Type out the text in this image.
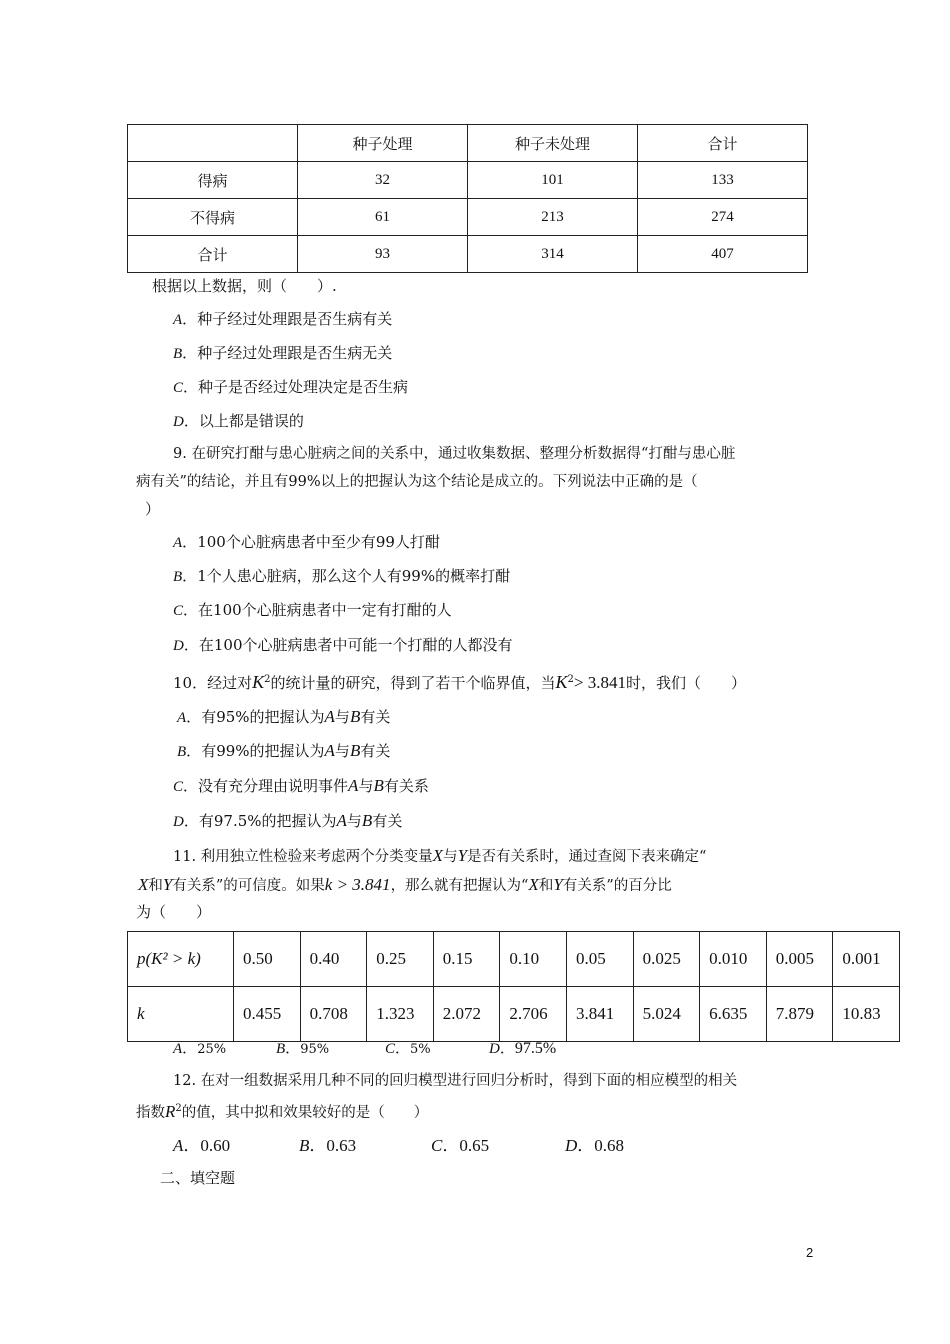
	种子处理	种子未处理	合计
得病	32	101	133
不得病	61	213	274
合计	93	314	407
根据以上数据，则（　　）.
A．种子经过处理跟是否生病有关
B．种子经过处理跟是否生病无关
C．种子是否经过处理决定是否生病
D．以上都是错误的
9. 在研究打酣与患心脏病之间的关系中，通过收集数据、整理分析数据得“打酣与患心脏
病有关”的结论，并且有99%以上的把握认为这个结论是成立的。下列说法中正确的是（
）
A．100个心脏病患者中至少有99人打酣
B．1个人患心脏病，那么这个人有99%的概率打酣
C．在100个心脏病患者中一定有打酣的人
D．在100个心脏病患者中可能一个打酣的人都没有
10．经过对$K^2$的统计量的研究，得到了若干个临界值，当$K^2> 3.841$时，我们（　　）
A．有95%的把握认为A与B有关
B．有99%的把握认为A与B有关
C．没有充分理由说明事件A与B有关系
D．有97.5%的把握认为A与B有关
11. 利用独立性检验来考虑两个分类变量X与Y是否有关系时，通过查阅下表来确定“
X和Y有关系”的可信度。如果k > 3.841，那么就有把握认为“X和Y有关系”的百分比
为（　　）
p(K² > k)	0.50	0.40	0.25	0.15	0.10	0.05	0.025	0.010	0.005	0.001
k	0.455	0.708	1.323	2.072	2.706	3.841	5.024	6.635	7.879	10.83
A．25%	B．95%	C．5%	D．97.5%
12. 在对一组数据采用几种不同的回归模型进行回归分析时，得到下面的相应模型的相关
指数$R^2$的值，其中拟和效果较好的是（　　）
A．0.60	B．0.63	C．0.65	D．0.68
二、填空题
2
